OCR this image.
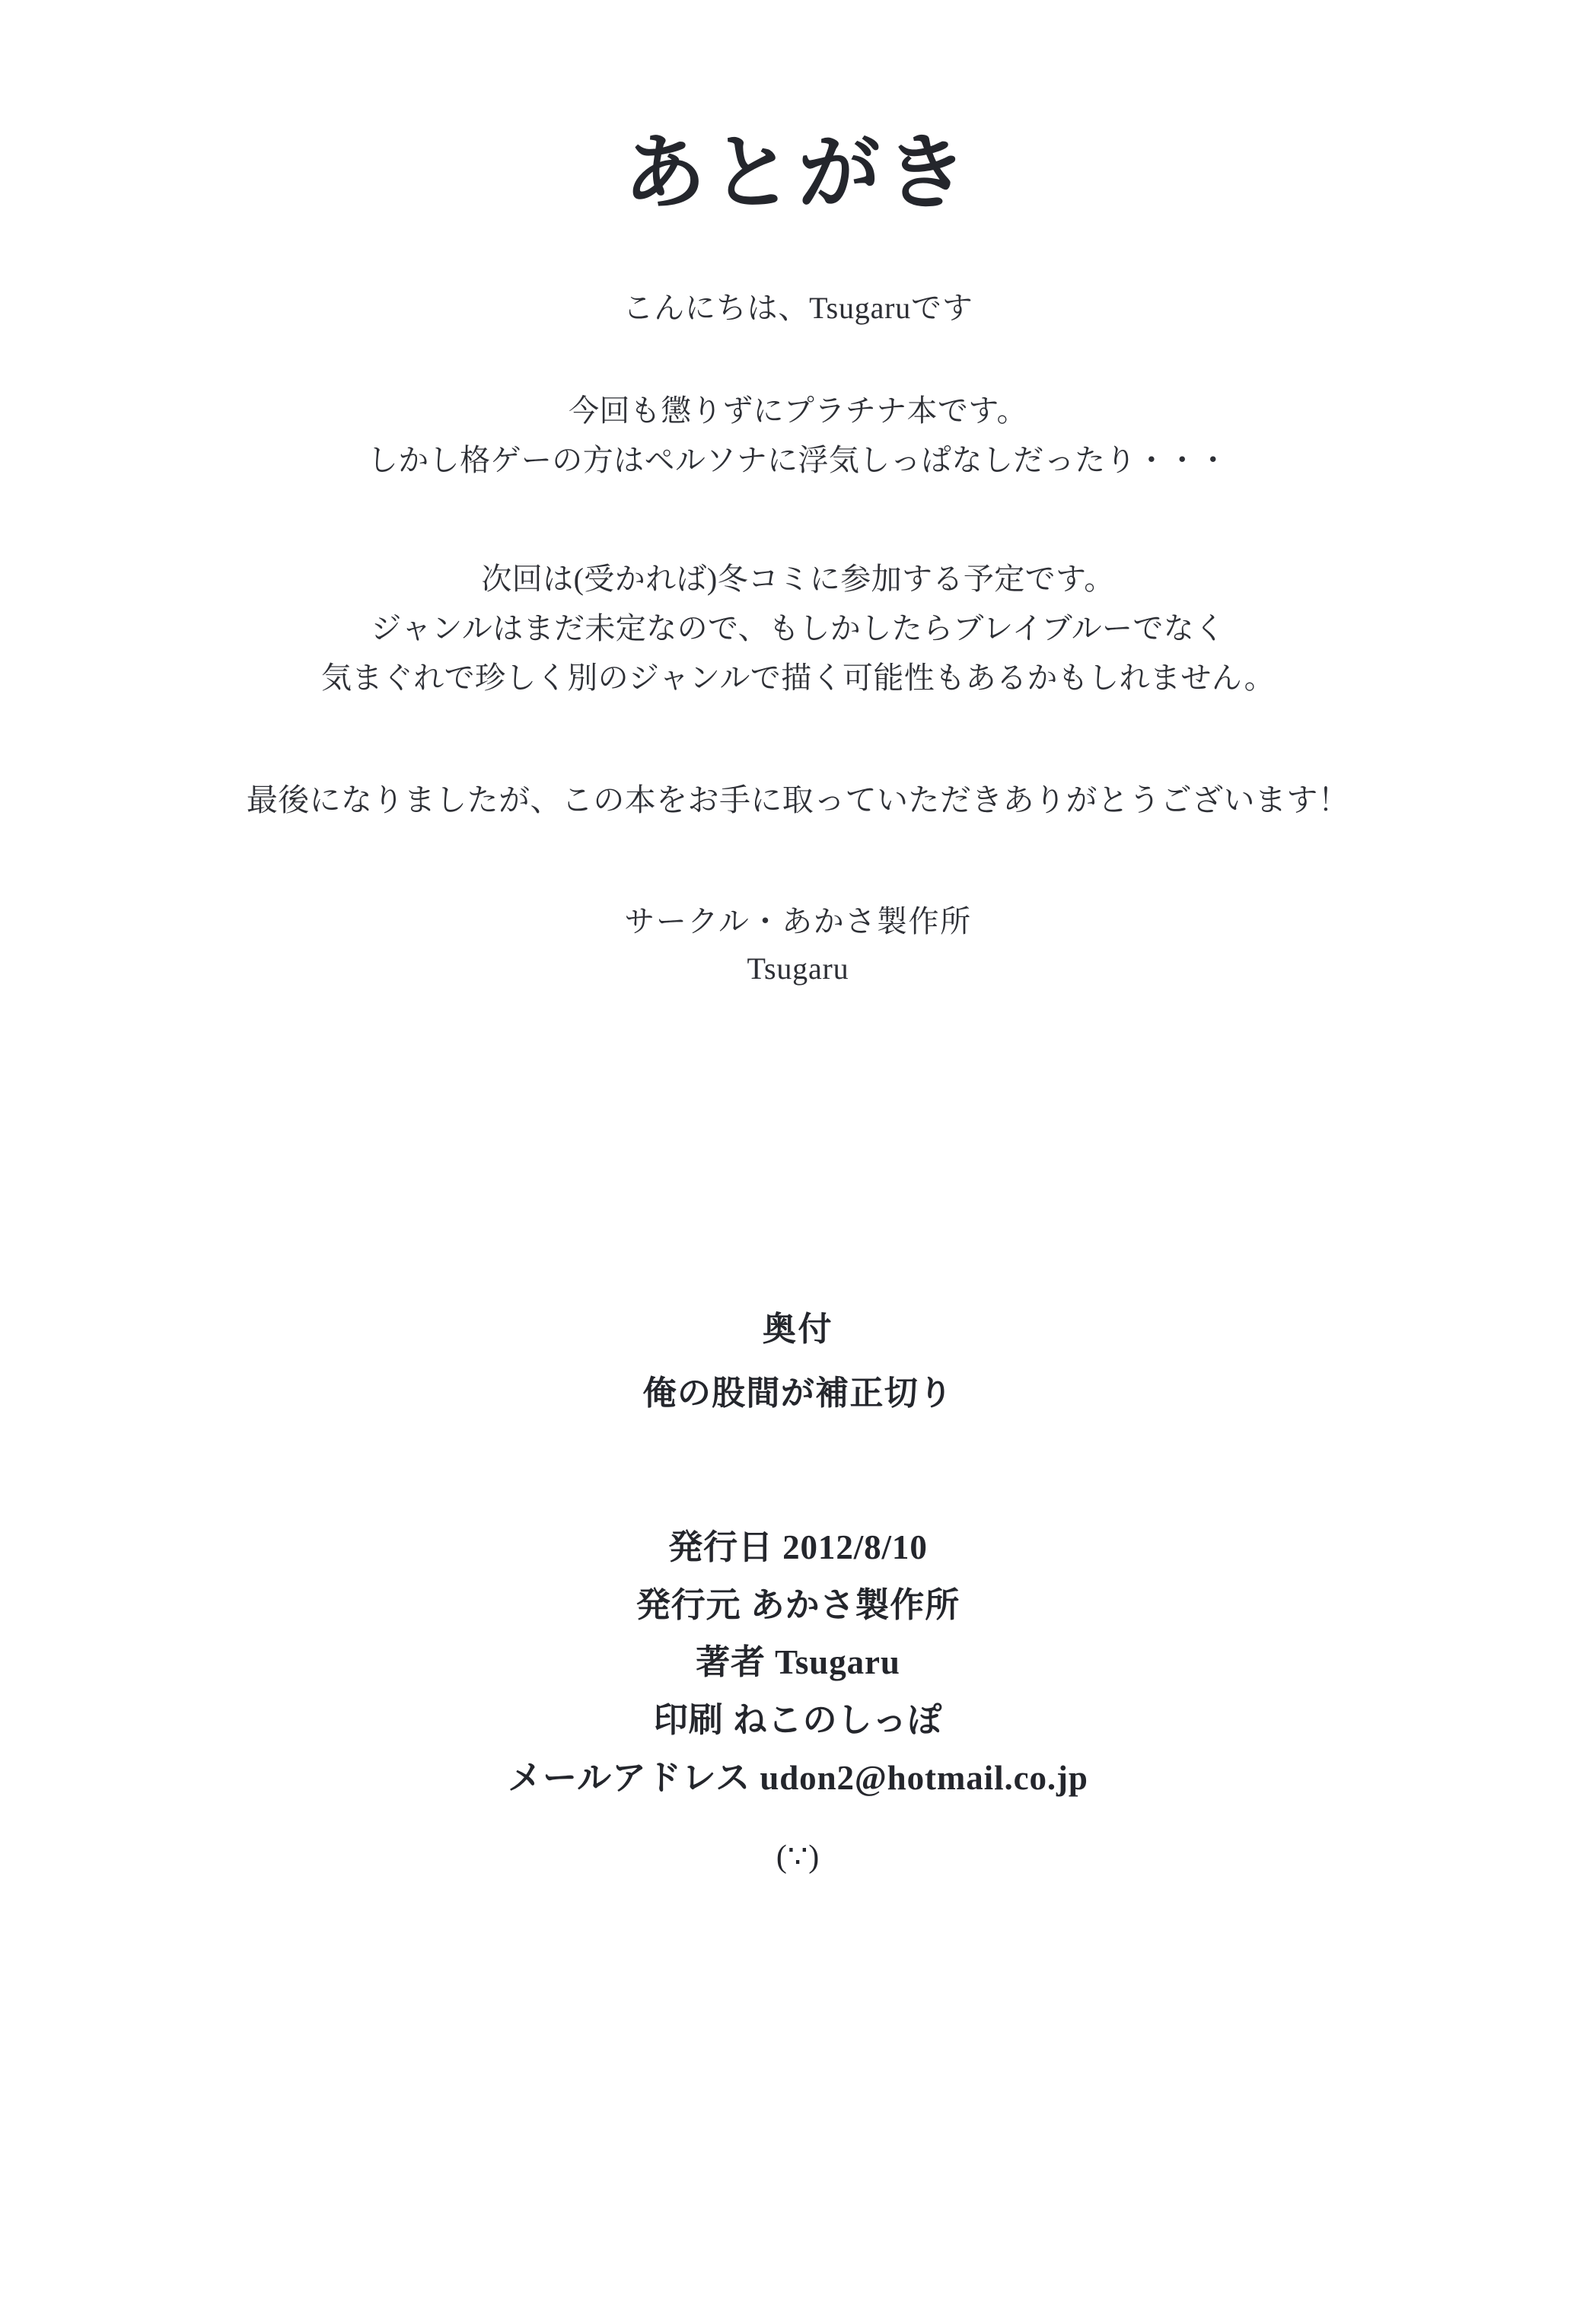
あとがき
こんにちは、Tsugaruです
今回も懲りずにプラチナ本です。
しかし格ゲーの方はペルソナに浮気しっぱなしだったり・・・
次回は(受かれば)冬コミに参加する予定です。
ジャンルはまだ未定なので、もしかしたらブレイブルーでなく
気まぐれで珍しく別のジャンルで描く可能性もあるかもしれません。
最後になりましたが、この本をお手に取っていただきありがとうございます！
サークル・あかさ製作所
Tsugaru
奥付
俺の股間が補正切り
発行日 2012/8/10
発行元 あかさ製作所
著者 Tsugaru
印刷 ねこのしっぽ
メールアドレス udon2@hotmail.co.jp
(∵)
